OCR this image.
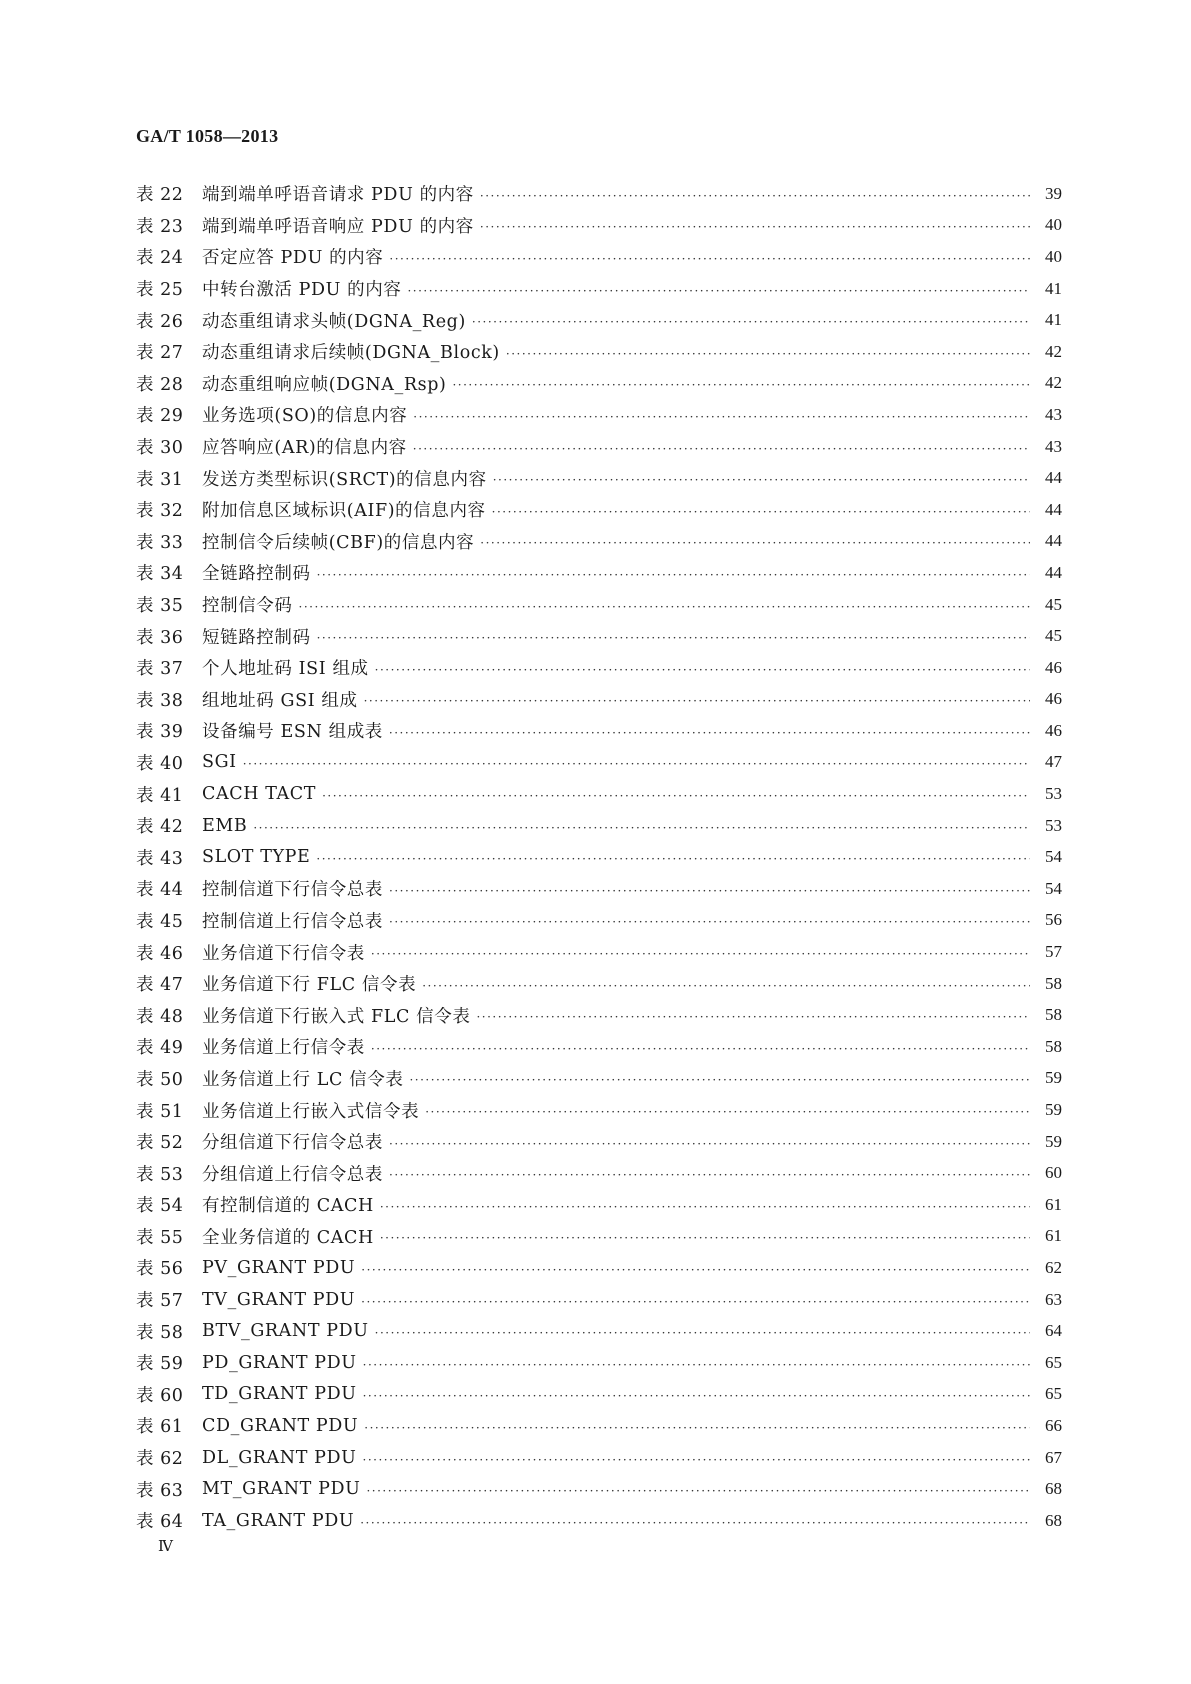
GA/T 1058—2013
表 22	端到端单呼语音请求 PDU 的内容 ·····	39
表 23	端到端单呼语音响应 PDU 的内容 ·····	40
表 24	否定应答 PDU 的内容 ·····	40
表 25	中转台激活 PDU 的内容 ·····	41
表 26	动态重组请求头帧(DGNA_Reg) ·····	41
表 27	动态重组请求后续帧(DGNA_Block) ·····	42
表 28	动态重组响应帧(DGNA_Rsp) ·····	42
表 29	业务选项(SO)的信息内容 ·····	43
表 30	应答响应(AR)的信息内容 ·····	43
表 31	发送方类型标识(SRCT)的信息内容 ·····	44
表 32	附加信息区域标识(AIF)的信息内容 ·····	44
表 33	控制信令后续帧(CBF)的信息内容 ·····	44
表 34	全链路控制码 ·····	44
表 35	控制信令码 ·····	45
表 36	短链路控制码 ·····	45
表 37	个人地址码 ISI 组成 ·····	46
表 38	组地址码 GSI 组成 ·····	46
表 39	设备编号 ESN 组成表 ·····	46
表 40	SGI ·····	47
表 41	CACH TACT ·····	53
表 42	EMB ·····	53
表 43	SLOT TYPE ·····	54
表 44	控制信道下行信令总表 ·····	54
表 45	控制信道上行信令总表 ·····	56
表 46	业务信道下行信令表 ·····	57
表 47	业务信道下行 FLC 信令表 ·····	58
表 48	业务信道下行嵌入式 FLC 信令表 ·····	58
表 49	业务信道上行信令表 ·····	58
表 50	业务信道上行 LC 信令表 ·····	59
表 51	业务信道上行嵌入式信令表 ·····	59
表 52	分组信道下行信令总表 ·····	59
表 53	分组信道上行信令总表 ·····	60
表 54	有控制信道的 CACH ·····	61
表 55	全业务信道的 CACH ·····	61
表 56	PV_GRANT PDU ·····	62
表 57	TV_GRANT PDU ·····	63
表 58	BTV_GRANT PDU ·····	64
表 59	PD_GRANT PDU ·····	65
表 60	TD_GRANT PDU ·····	65
表 61	CD_GRANT PDU ·····	66
表 62	DL_GRANT PDU ·····	67
表 63	MT_GRANT PDU ·····	68
表 64	TA_GRANT PDU ·····	68
Ⅳ
